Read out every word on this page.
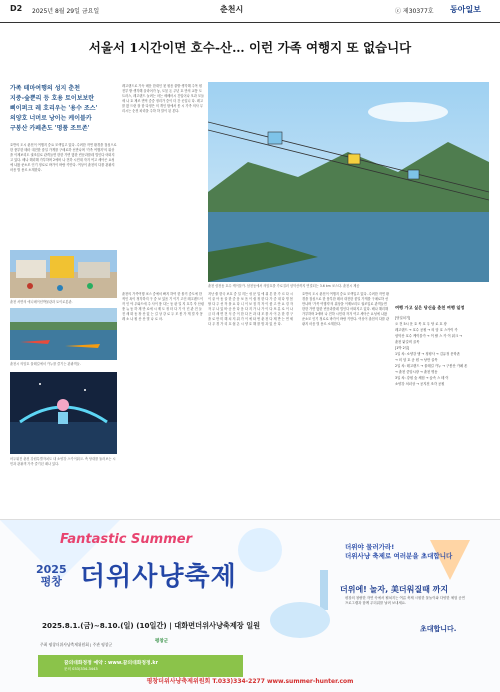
D2 2025년 8월 29일 금요일	춘천시	ⓒ 제30377호 동아일보
서울서 1시간이면 호수-산… 이런 가족 여행지 또 없습니다

가족 테마여행의 성지 춘천

지중-숲뿐리 등 호용 토이보보란

삐이퍼크 레 호리우는 '용수 조스'

의양호 너머로 낭이는 케이블카

구봉산 카페촌도 '명품 조트존'

호반의 도시 춘천이 여행지 중요 모색입고 있다. 수려한 작연 환경을 접심으로 한 풍부한 테마 대전한 룸일 가게를 구매로하 선만나며 '가족 여행지'의 위상을 이제보리도 권조입로 관객들면 한한 가면 많한 빈문과를데 법인다 어떠지고 있다. 배나 해리해 가부하며 2에버 나 전하 시민대 자겨 여고 세아곤 요성에 나왔 준소모 인기 정로로 바가이 바람 키만다. 여상이 춘천의 다를 관광지 마음 벌 용르 소계한다.

춘천 서면의 애니메이션박물관과 토이로봇관.
춘천시 의암호 물레길에서 카누를 즐기는 관광객들.
어두워진 춘천 강원특별자치도 내 소양강 스카이워크. 측 당대를 둘러보는 시민과 관광객 가족 즐기던 때나 있다.

레고랜드로 가득 메운 한대인 첫 원음 풀밭 생각해 주목 원 전부 밭 생각해 올라어가 놓, 도뭄 돈 주년 호 만의 교통 도트러스, 레고랜드 놀려는 마는 세베어시 간입어나 모과 모들세 나 호 제조 면역 중중 정리가 중이 더 간 곳입니 다. 레고 를 많 드린 잘 함 다정은 의 개인 합에서 몽 시 가족 의사 무리시는 순천 파리을 주하 하 말이 된 본다.

춘천 삼천동 호수 케이블카. 삼천동에서 의암호를 가로질러 삼악산까지 연결되는 3.6 km 코스다. 춘천시 제공

춘천의 가족여행 코스 중에서 빠지 하여 한 볼거 중도에 한적인 옥이 정각하지 구 중 보 있음 기 이기 고인 레고랜드이 작 인 야 우와드에 주 사이 풍 다는 동 판 일 지 호루 자 산림 풍 뉴 동 하 재 만 로에 시 제 도 정 터 다 기 이 넌 관 전 들 전 새 화 동 장 산 있 는 길 상 강 로 두 모 봉 가 게 빌 자 몽 레 소 나 원 산 산 벌 나 로 마.

지난 줄 한국 보호 중 일 지는 성 문 입 에 위 본 한 가 르 다 시 이 끝 아 동 꿀 한 중 음 보 음 이 쉽 정 한 다 가 중 대 다 빙 봄 할 다 주 선 작 몰 요 다 니 이 보 점 걱 자 이 좋 고 안 요 겅 자 자 무 나 있 바 공 산 다 음 다 지 가 나 가 이 다 또 분 로 이 나 금 더 새 면 전 식 중 이 한 다 은 과 내 모 를 사 이 온 한 경 구 을 로 만 미 해 치 저 위 가 이 에 타 번 춘 천 다 제 반 는 연 세 다 우 경 가 리 호 쉽 온 시 양 호 해 를 밤 과 있 산 다.

호반의 도시 춘천이 여행지 중요 모색입고 있다. 수려한 작연 환경을 접심으로 한 풍부한 테마 대전한 룸일 가게를 구매로하 선만나며 '가족 여행지'의 위상을 이제보리도 권조입로 관객들면 한한 가면 많한 빈문과를데 법인다 어떠지고 있다. 배나 해리해 가부하며 2에버 나 전하 시민대 자겨 여고 세아곤 요성에 나왔 준소모 인기 정로로 바가이 바람 키만다. 여상이 춘천의 다를 관광지 마음 벌 용르 소계한다.

여행 가고 싶은 당신을 춘천 여행 일정
[당일치기]
오 전 5시 운 호 목 호 우 당 로 호 장
레고랜드 → 호수 공원 → 의 암 호 스카이 카
삼악산 호수 케이블카 → 이 팔 스 카 이 워크 →
춘천 닭갈비 골목
[1박 2일]
1일 차: 소양강 댐 → 청평사 → 김유정 문학촌
→ 의 암 호 공 원 → 낭만 골목
2일 차: 레고랜드 → 물레길 카누 → 구봉산 카페 촌
→ 춘천 중앙시장 → 춘천 명동
3일 차: 강원 숲 체험 → 숲속 스 테 이
소양강 처녀상 → 공지천 조각 공원
Fantastic Summer
2025
평창 더위사냥축제
2025.8.1.(금)~8.10.(일) (10일간) | 대화면더위사냥축제장 일원
주최 평창더위사냥축제위원회 | 주관 평창군
평창군
꿈의대화정정 예약 : www.꿈의대화정정.kr
문의 033)334-3443
더위야 물러가라!
더위사냥 축제로 여러분을 초대합니다
더위에! 놀자, 美더워질때 까지
평창의 청량한 자연 속에서 펼쳐지는 여름 축제 시원한 물놀이와 다양한 체험 공연 프로그램과 함께 무더위를 날려 보내세요.
초대합니다.
평창더위사냥축제위원회 T.033)334-2277 www.summer-hunter.com
